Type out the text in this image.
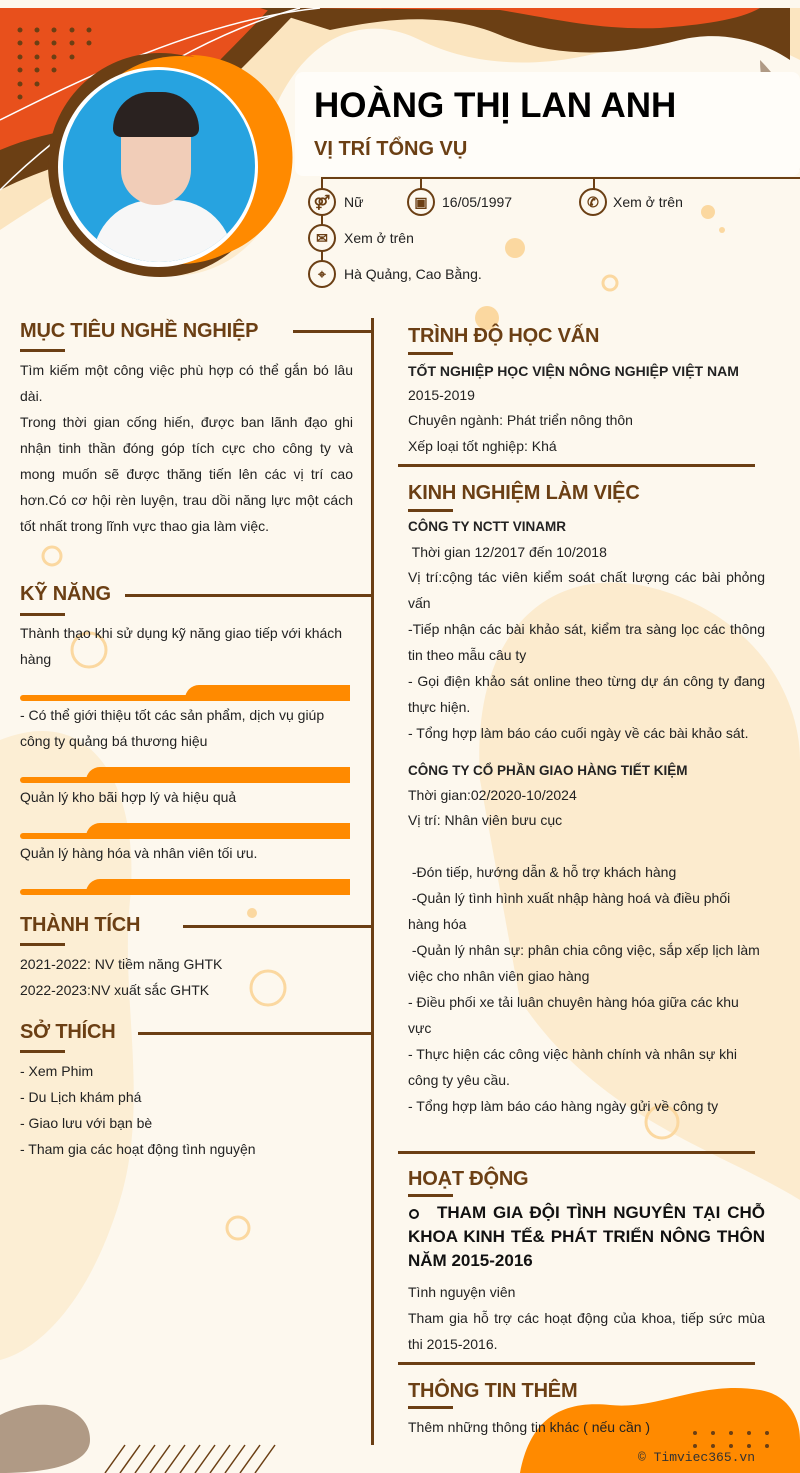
HOÀNG THỊ LAN ANH
VỊ TRÍ TỔNG VỤ
⚤ Nữ	▣	16/05/1997	✆	Xem ở trên
✉	Xem ở trên
⌖	Hà Quảng, Cao Bằng.
MỤC TIÊU NGHỀ NGHIỆP
Tìm kiếm một công việc phù hợp có thể gắn bó lâu dài.
Trong thời gian cống hiến, được ban lãnh đạo ghi nhận tinh thần đóng góp tích cực cho công ty và mong muốn sẽ được thăng tiến lên các vị trí cao hơn.Có cơ hội rèn luyện, trau dồi năng lực một cách tốt nhất trong lĩnh vực thao gia làm việc.
KỸ NĂNG
Thành thạo khi sử dụng kỹ năng giao tiếp với khách hàng
- Có thể giới thiệu tốt các sản phẩm, dịch vụ giúp công ty quảng bá thương hiệu
Quản lý kho bãi hợp lý và hiệu quả
Quản lý hàng hóa và nhân viên tối ưu.
THÀNH TÍCH
2021-2022: NV tiềm năng GHTK
2022-2023:NV xuất sắc GHTK
SỞ THÍCH
- Xem Phim
- Du Lịch khám phá
- Giao lưu với bạn bè
- Tham gia các hoạt động tình nguyện
TRÌNH ĐỘ HỌC VẤN
TỐT NGHIỆP HỌC VIỆN NÔNG NGHIỆP VIỆT NAM
2015-2019
Chuyên ngành: Phát triển nông thôn
Xếp loại tốt nghiệp: Khá
KINH NGHIỆM LÀM VIỆC
CÔNG TY NCTT VINAMR
Thời gian 12/2017 đến 10/2018
Vị trí:cộng tác viên kiểm soát chất lượng các bài phỏng vấn
-Tiếp nhận các bài khảo sát, kiểm tra sàng lọc các thông tin theo mẫu câu ty
- Gọi điện khảo sát online theo từng dự án công ty đang thực hiện.
- Tổng hợp làm báo cáo cuối ngày về các bài khảo sát.
CÔNG TY CỔ PHẦN GIAO HÀNG TIẾT KIỆM
Thời gian:02/2020-10/2024
Vị trí: Nhân viên bưu cục
-Đón tiếp, hướng dẫn & hỗ trợ khách hàng
-Quản lý tình hình xuất nhập hàng hoá và điều phối hàng hóa
-Quản lý nhân sự: phân chia công việc, sắp xếp lịch làm việc cho nhân viên giao hàng
- Điều phối xe tải luân chuyên hàng hóa giữa các khu vực
- Thực hiện các công việc hành chính và nhân sự khi công ty yêu cầu.
- Tổng hợp làm báo cáo hàng ngày gửi về công ty
HOẠT ĐỘNG
THAM GIA ĐỘI TÌNH NGUYÊN TẠI CHỖ KHOA KINH TẾ& PHÁT TRIỂN NÔNG THÔN NĂM 2015-2016
Tình nguyện viên
Tham gia hỗ trợ các hoạt động của khoa, tiếp sức mùa thi 2015-2016.
THÔNG TIN THÊM
Thêm những thông tin khác ( nếu cần )
© Timviec365.vn
